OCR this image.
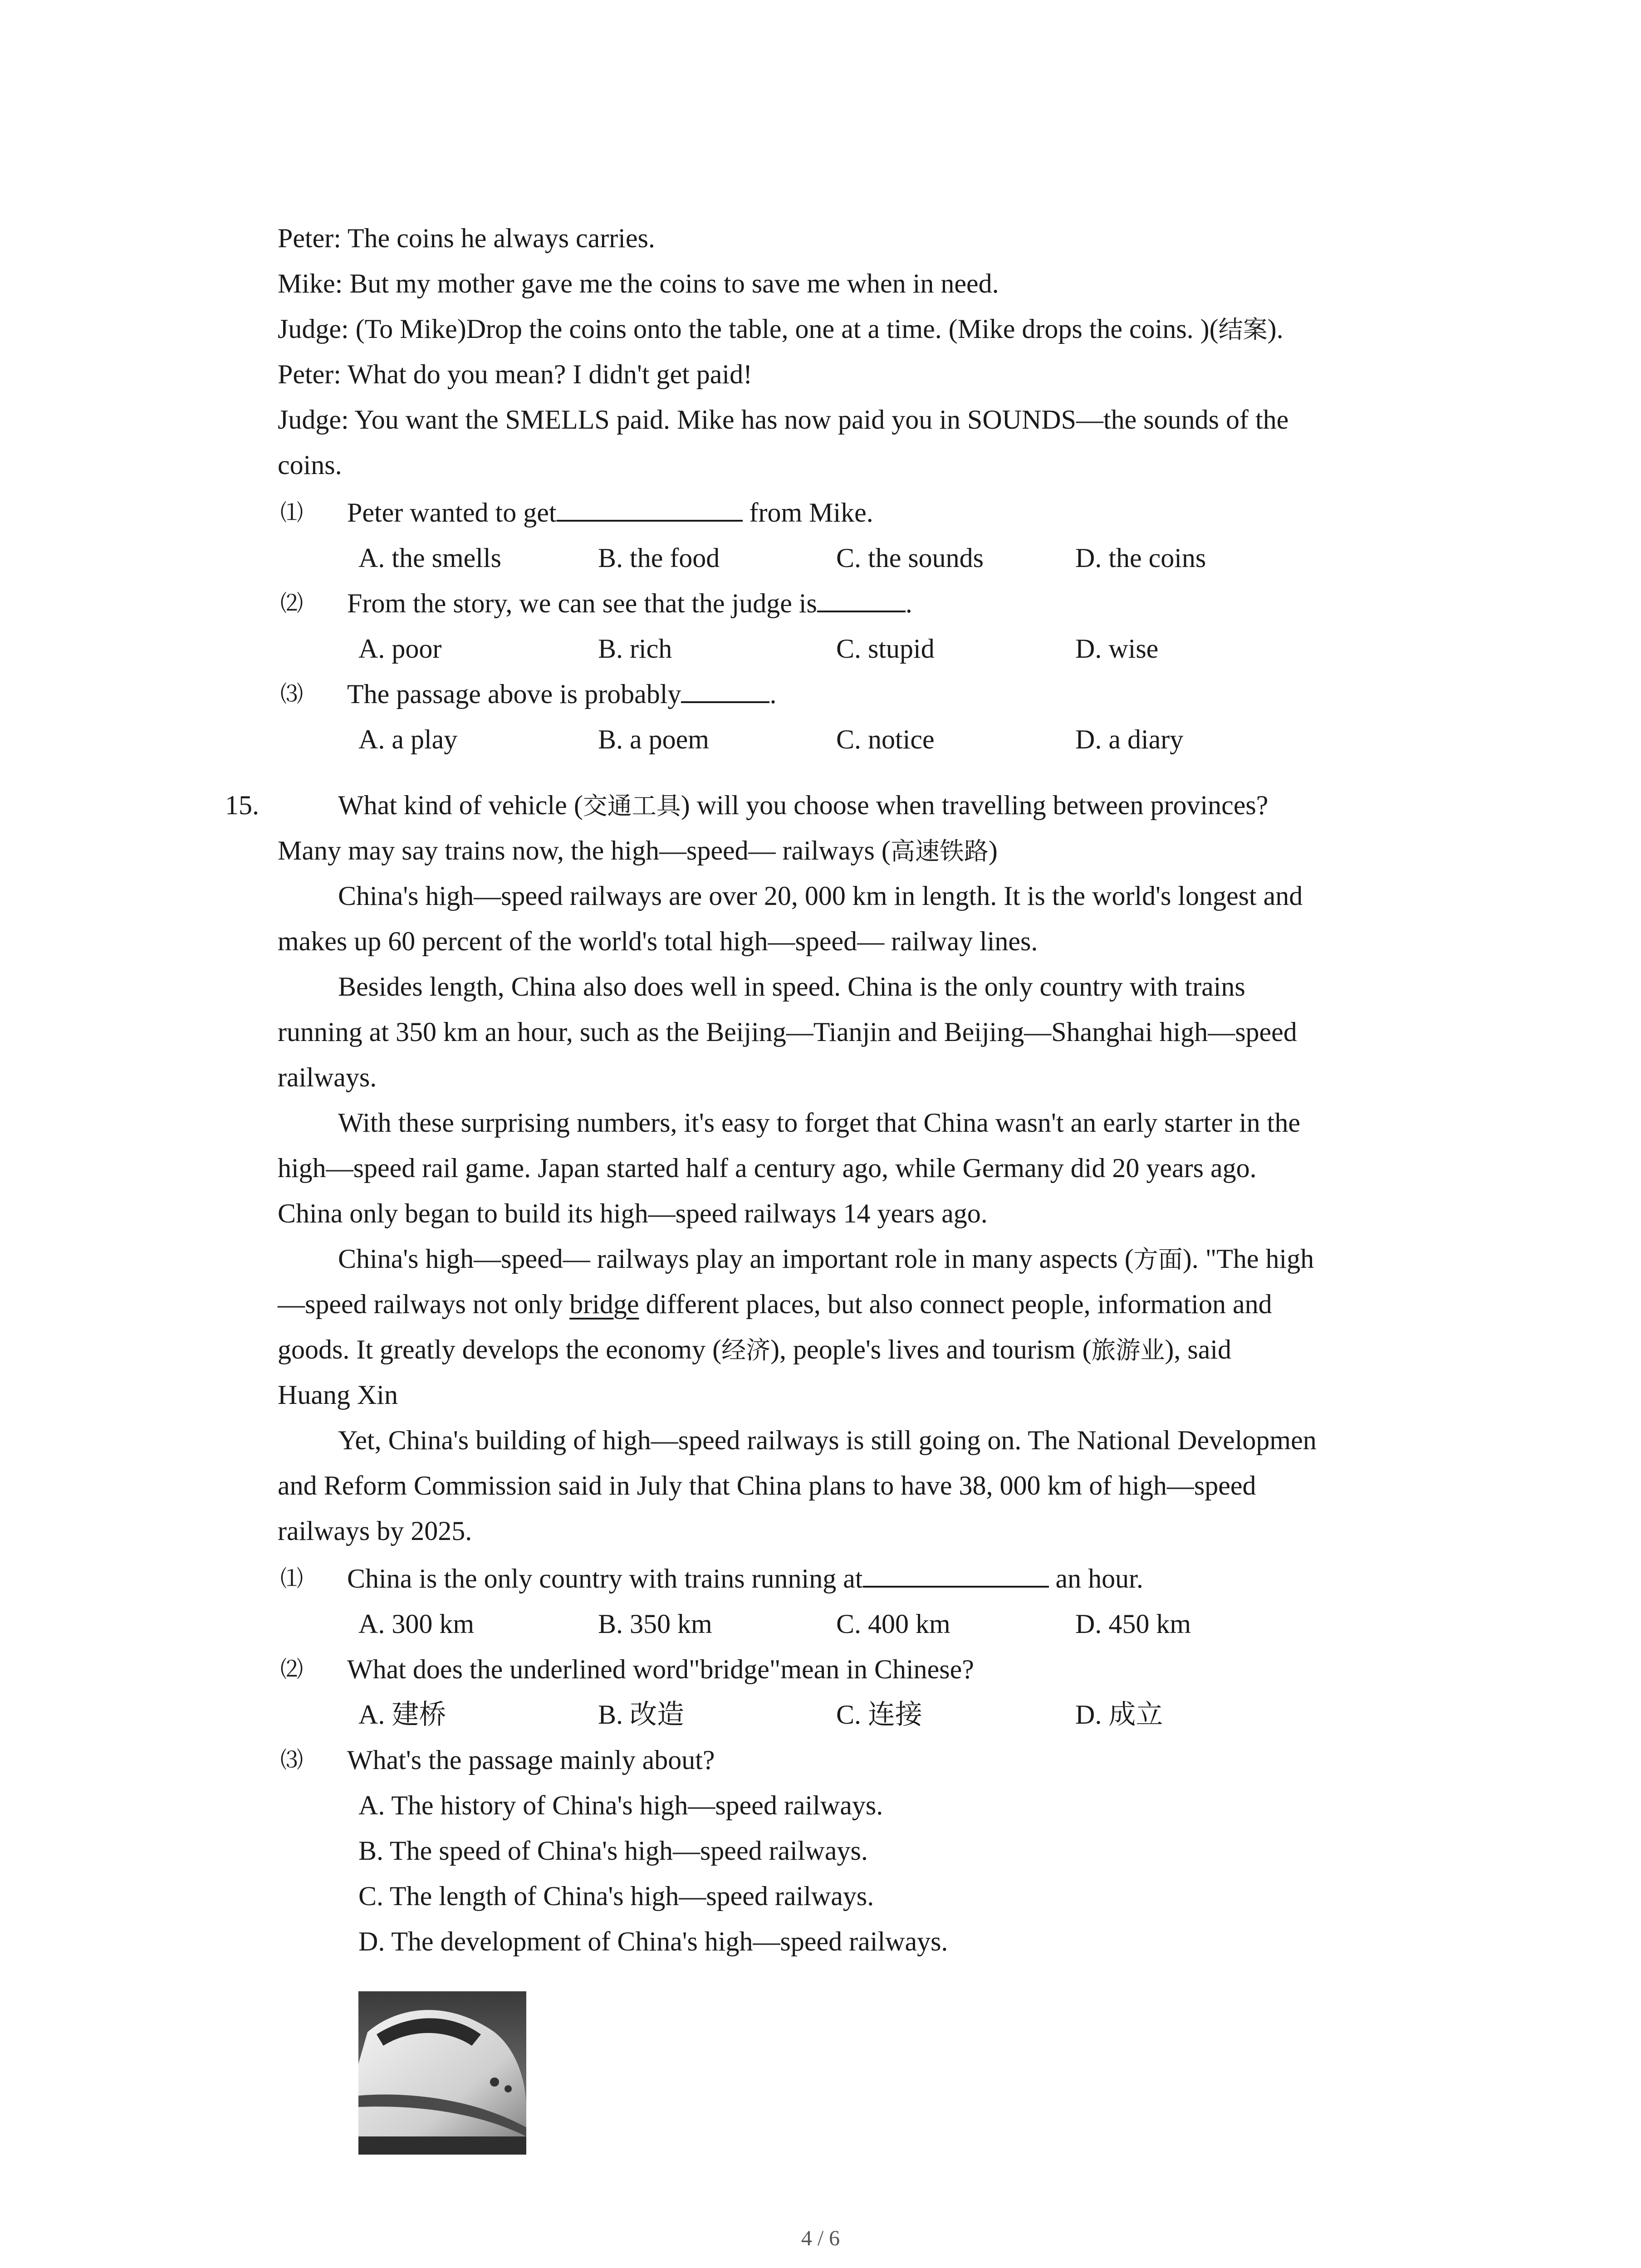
Peter: The coins he always carries.
Mike: But my mother gave me the coins to save me when in need.
Judge: (To Mike)Drop the coins onto the table, one at a time. (Mike drops the coins. )(结案).
Peter: What do you mean? I didn't get paid!
Judge: You want the SMELLS paid. Mike has now paid you in SOUNDS—the sounds of the
coins.
⑴ Peter wanted to get	from Mike.
A. the smells	B. the food	C. the sounds	D. the coins
⑵ From the story, we can see that the judge is	.
A. poor	B. rich	C. stupid	D. wise
⑶ The passage above is probably	.
A. a play	B. a poem	C. notice	D. a diary
15.	What kind of vehicle (交通工具) will you choose when travelling between provinces?
Many may say trains now, the high—speed— railways (高速铁路)
China's high—speed railways are over 20, 000 km in length. It is the world's longest and
makes up 60 percent of the world's total high—speed— railway lines.
Besides length, China also does well in speed. China is the only country with trains
running at 350 km an hour, such as the Beijing—Tianjin and Beijing—Shanghai high—speed
railways.
With these surprising numbers, it's easy to forget that China wasn't an early starter in the
high—speed rail game. Japan started half a century ago, while Germany did 20 years ago.
China only began to build its high—speed railways 14 years ago.
China's high—speed— railways play an important role in many aspects (方面). "The high
—speed railways not only bridge different places, but also connect people, information and
goods. It greatly develops the economy (经济), people's lives and tourism (旅游业), said
Huang Xin
Yet, China's building of high—speed railways is still going on. The National Developmen
and Reform Commission said in July that China plans to have 38, 000 km of high—speed
railways by 2025.
⑴ China is the only country with trains running at	an hour.
A. 300 km	B. 350 km	C. 400 km	D. 450 km
⑵ What does the underlined word"bridge"mean in Chinese?
A. 建桥	B. 改造	C. 连接	D. 成立
⑶ What's the passage mainly about?
A. The history of China's high—speed railways.
B. The speed of China's high—speed railways.
C. The length of China's high—speed railways.
D. The development of China's high—speed railways.
4 / 6
